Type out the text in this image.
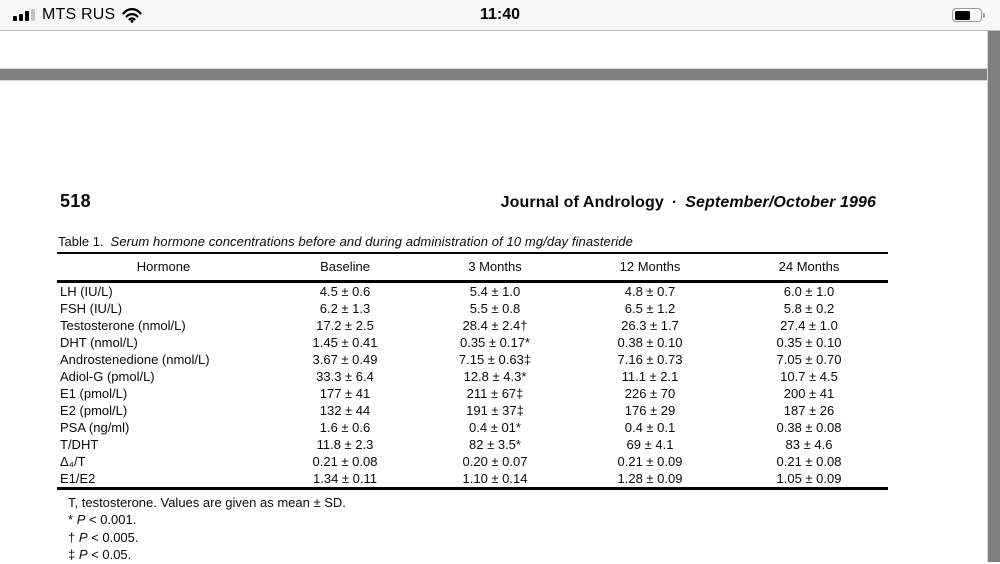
MTS RUS	11:40
518	Journal of Andrology · September/October 1996
Table 1. Serum hormone concentrations before and during administration of 10 mg/day finasteride
Hormone	Baseline	3 Months	12 Months	24 Months
LH (IU/L)	4.5 ± 0.6	5.4 ± 1.0	4.8 ± 0.7	6.0 ± 1.0
FSH (IU/L)	6.2 ± 1.3	5.5 ± 0.8	6.5 ± 1.2	5.8 ± 0.2
Testosterone (nmol/L)	17.2 ± 2.5	28.4 ± 2.4†	26.3 ± 1.7	27.4 ± 1.0
DHT (nmol/L)	1.45 ± 0.41	0.35 ± 0.17*	0.38 ± 0.10	0.35 ± 0.10
Androstenedione (nmol/L)	3.67 ± 0.49	7.15 ± 0.63‡	7.16 ± 0.73	7.05 ± 0.70
Adiol-G (pmol/L)	33.3 ± 6.4	12.8 ± 4.3*	11.1 ± 2.1	10.7 ± 4.5
E1 (pmol/L)	177 ± 41	211 ± 67‡	226 ± 70	200 ± 41
E2 (pmol/L)	132 ± 44	191 ± 37‡	176 ± 29	187 ± 26
PSA (ng/ml)	1.6 ± 0.6	0.4 ± 01*	0.4 ± 0.1	0.38 ± 0.08
T/DHT	11.8 ± 2.3	82 ± 3.5*	69 ± 4.1	83 ± 4.6
Δ₄/T	0.21 ± 0.08	0.20 ± 0.07	0.21 ± 0.09	0.21 ± 0.08
E1/E2	1.34 ± 0.11	1.10 ± 0.14	1.28 ± 0.09	1.05 ± 0.09
T, testosterone. Values are given as mean ± SD.
* P < 0.001.
† P < 0.005.
‡ P < 0.05.
